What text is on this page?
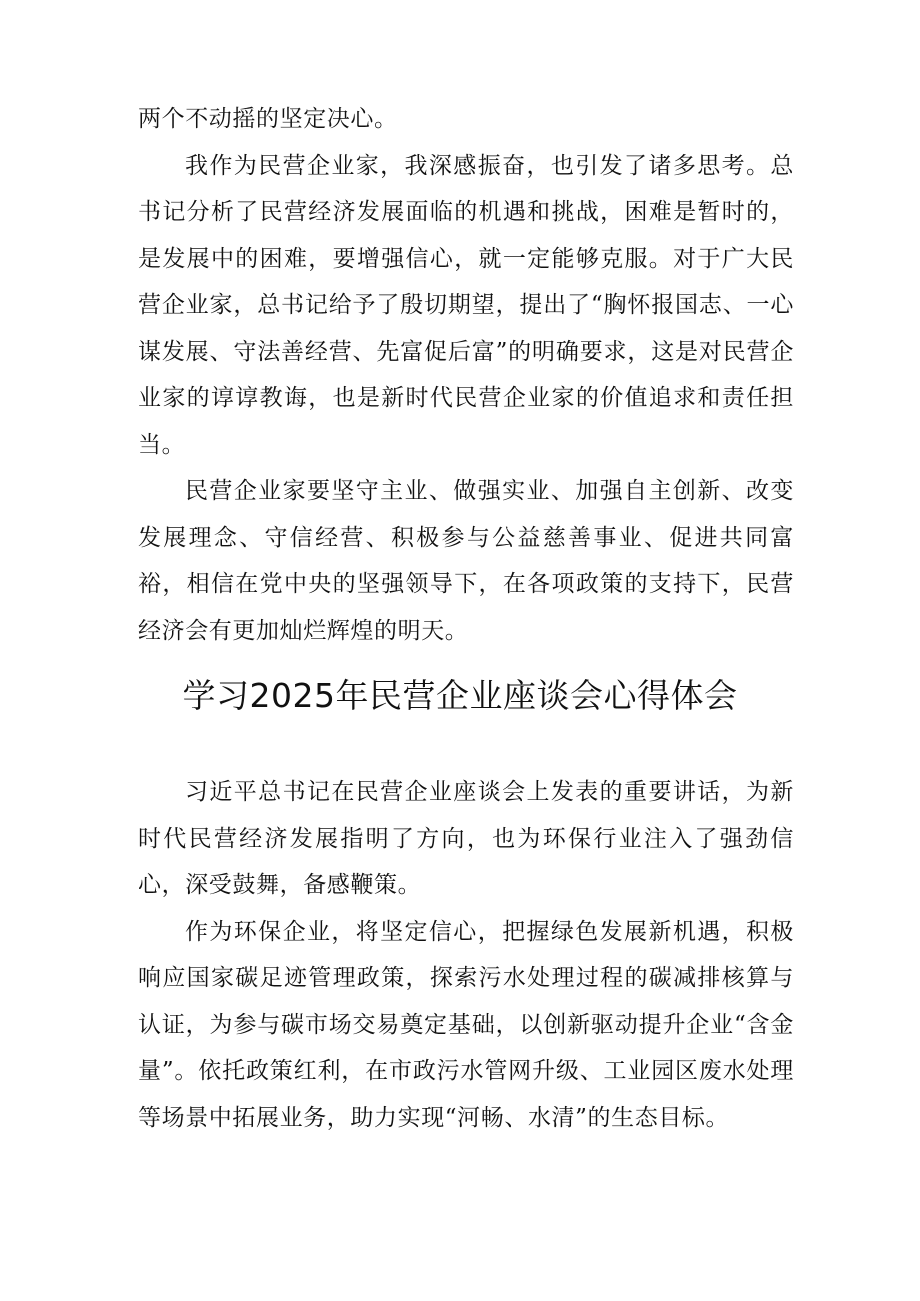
两个不动摇的坚定决心。

我作为民营企业家，我深感振奋，也引发了诸多思考。总书记分析了民营经济发展面临的机遇和挑战，困难是暂时的，是发展中的困难，要增强信心，就一定能够克服。对于广大民营企业家，总书记给予了殷切期望，提出了“胸怀报国志、一心谋发展、守法善经营、先富促后富”的明确要求，这是对民营企业家的谆谆教诲，也是新时代民营企业家的价值追求和责任担当。

民营企业家要坚守主业、做强实业、加强自主创新、改变发展理念、守信经营、积极参与公益慈善事业、促进共同富裕，相信在党中央的坚强领导下，在各项政策的支持下，民营经济会有更加灿烂辉煌的明天。

学习2025年民营企业座谈会心得体会

习近平总书记在民营企业座谈会上发表的重要讲话，为新时代民营经济发展指明了方向，也为环保行业注入了强劲信心，深受鼓舞，备感鞭策。

作为环保企业，将坚定信心，把握绿色发展新机遇，积极响应国家碳足迹管理政策，探索污水处理过程的碳减排核算与认证，为参与碳市场交易奠定基础，以创新驱动提升企业“含金量”。依托政策红利，在市政污水管网升级、工业园区废水处理等场景中拓展业务，助力实现“河畅、水清”的生态目标。
